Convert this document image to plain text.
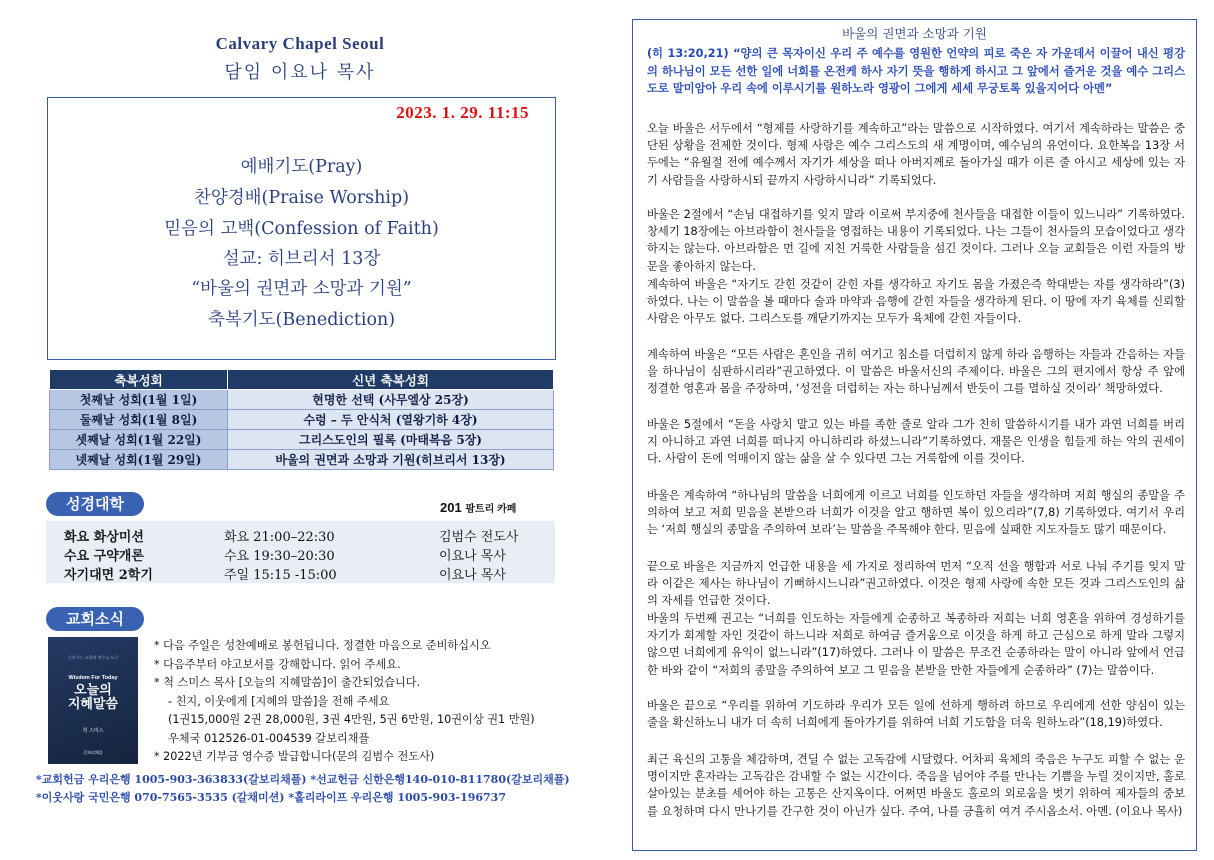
Calvary Chapel Seoul
담임 이요나 목사
2023. 1. 29. 11:15
예배기도(Pray)
찬양경배(Praise Worship)
믿음의 고백(Confession of Faith)
설교: 히브리서 13장
“바울의 권면과 소망과 기원”
축복기도(Benediction)
축복성회	신년 축복성회
첫째날 성회(1월 1일)	현명한 선택 (사무엘상 25장)
둘째날 성회(1월 8일)	수렁 – 두 안식처 (열왕기하 4장)
셋째날 성회(1월 22일)	그리스도인의 필록 (마태복음 5장)
넷째날 성회(1월 29일)	바울의 권면과 소망과 기원(히브리서 13장)
성경대학	201 팜트리 카페
화요 화상미션	화요 21:00–22:30	김범수 전도사
수요 구약개론	수요 19:30–20:30	이요나 목사
자기대면 2학기	주일 15:15 -15:00	이요나 목사
교회소식
죽어가는 교회에 예수님 도구
Wisdom For Today
오늘의
지혜말씀
척 스미스
갈보리채플
* 다음 주일은 성찬예배로 봉헌됩니다. 정결한 마음으로 준비하십시오
* 다음주부터 야고보서를 강해합니다. 읽어 주세요.
* 척 스미스 목사 [오늘의 지혜말씀]이 출간되었습니다.
- 친지, 이웃에게 [지혜의 말씀]을 전해 주세요
(1권15,000원 2권 28,000원, 3권 4만원, 5권 6만원, 10권이상 권1 만원)
우체국 012526-01-004539 갈보리채플
* 2022년 기부금 영수증 발급합니다(문의 김범수 전도사)
*교회헌금 우리은행 1005-903-363833(갈보리채플) *선교헌금 신한은행140-010-811780(갈보리채플)
*이웃사랑 국민은행 070-7565-3535 (갈채미션) *홀리라이프 우리은행 1005-903-196737
바울의 권면과 소망과 기원
(히 13:20,21) “양의 큰 목자이신 우리 주 예수를 영원한 언약의 피로 죽은 자 가운데서 이끌어 내신 평강의 하나님이 모든 선한 일에 너희를 온전케 하사 자기 뜻을 행하게 하시고 그 앞에서 즐거운 것을 예수 그리스도로 말미암아 우리 속에 이루시기를 원하노라 영광이 그에게 세세 무궁토록 있을지어다 아멘”
오늘 바울은 서두에서 “형제를 사랑하기를 계속하고”라는 말씀으로 시작하였다. 여기서 계속하라는 말씀은 중단된 상황을 전제한 것이다. 형제 사랑은 예수 그리스도의 새 계명이며, 예수님의 유언이다. 요한복음 13장 서두에는 “유월절 전에 예수께서 자기가 세상을 떠나 아버지께로 돌아가실 때가 이른 줄 아시고 세상에 있는 자기 사람들을 사랑하시되 끝까지 사랑하시니라” 기록되었다.
바울은 2절에서 “손님 대접하기를 잊지 말라 이로써 부지중에 천사들을 대접한 이들이 있느니라” 기록하였다. 창세기 18장에는 아브라함이 천사들을 영접하는 내용이 기록되었다. 나는 그들이 천사들의 모습이었다고 생각하지는 않는다. 아브라함은 먼 길에 지친 거룩한 사람들을 섬긴 것이다. 그러나 오늘 교회들은 이런 자들의 방문을 좋아하지 않는다.
계속하여 바울은 “자기도 갇힌 것같이 갇힌 자를 생각하고 자기도 몸을 가졌은즉 학대받는 자를 생각하라”(3)하였다. 나는 이 말씀을 볼 때마다 술과 마약과 음행에 갇힌 자들을 생각하게 된다. 이 땅에 자기 육체를 신뢰할 사람은 아무도 없다. 그리스도를 깨닫기까지는 모두가 육체에 갇힌 자들이다.
계속하여 바울은 “모든 사람은 혼인을 귀히 여기고 침소를 더럽히지 않게 하라 음행하는 자들과 간음하는 자들을 하나님이 심판하시리라”권고하였다. 이 말씀은 바울서신의 주제이다. 바울은 그의 편지에서 항상 주 앞에 정결한 영혼과 몸을 주장하며, ‘성전을 더럽히는 자는 하나님께서 반듯이 그를 멸하실 것이라’ 책망하였다.
바울은 5절에서 “돈을 사랑치 말고 있는 바를 족한 줄로 알라 그가 친히 말씀하시기를 내가 과연 너희를 버리지 아니하고 과연 너희를 떠나지 아니하리라 하셨느니라”기록하였다. 재물은 인생을 힘들게 하는 악의 권세이다. 사람이 돈에 억매이지 않는 삶을 살 수 있다면 그는 거룩함에 이를 것이다.
바울은 계속하여 “하나님의 말씀을 너희에게 이르고 너희를 인도하던 자들을 생각하며 저희 행실의 종말을 주의하여 보고 저희 믿음을 본받으라 너희가 이것을 알고 행하면 복이 있으리라”(7,8) 기록하였다. 여기서 우리는 ‘저희 행실의 종말을 주의하여 보라’는 말씀을 주목해야 한다. 믿음에 실패한 지도자들도 많기 때문이다.
끝으로 바울은 지금까지 언급한 내용을 세 가지로 정리하여 먼저 “오직 선을 행함과 서로 나눠 주기를 잊지 말라 이같은 제사는 하나님이 기뻐하시느니라”권고하였다. 이것은 형제 사랑에 속한 모든 것과 그리스도인의 삶의 자세를 언급한 것이다.
바울의 두번째 권고는 “너희를 인도하는 자들에게 순종하고 복종하라 저희는 너희 영혼을 위하여 경성하기를 자기가 회계할 자인 것같이 하느니라 저희로 하여금 즐거움으로 이것을 하게 하고 근심으로 하게 말라 그렇지 않으면 너희에게 유익이 없느니라”(17)하였다. 그러나 이 말씀은 무조건 순종하라는 말이 아니라 앞에서 언급한 바와 같이 “저희의 종말을 주의하여 보고 그 믿음을 본받을 만한 자들에게 순종하라” (7)는 말씀이다.
바울은 끝으로 “우리를 위하여 기도하라 우리가 모든 일에 선하게 행하려 하므로 우리에게 선한 양심이 있는 줄을 확신하노니 내가 더 속히 너희에게 돌아가기를 위하여 너희 기도함을 더욱 원하노라”(18,19)하였다.
최근 육신의 고통을 체감하며, 견딜 수 없는 고독감에 시달렸다. 어차피 육체의 죽음은 누구도 피할 수 없는 운명이지만 혼자라는 고독감은 감내할 수 없는 시간이다. 죽음을 넘어야 주를 만나는 기쁨을 누릴 것이지만, 홀로 살아있는 분초를 세어야 하는 고통은 산지옥이다. 어쩌면 바울도 홀로의 외로움을 벗기 위하여 제자들의 중보를 요청하며 다시 만나기를 간구한 것이 아닌가 싶다. 주여, 나를 긍휼히 여겨 주시옵소서. 아멘. (이요나 목사)
